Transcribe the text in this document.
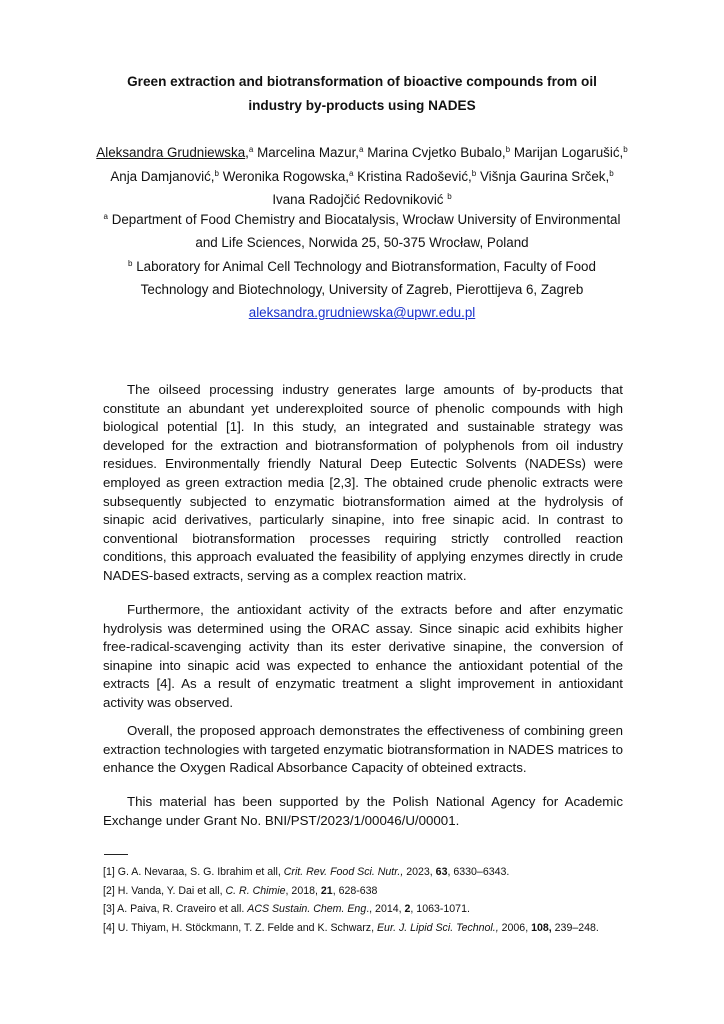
Green extraction and biotransformation of bioactive compounds from oil
industry by-products using NADES
Aleksandra Grudniewska,$^a$ Marcelina Mazur,$^a$ Marina Cvjetko Bubalo,$^b$ Marijan Logarušić,$^b$ Anja Damjanović,$^b$ Weronika Rogowska,$^a$ Kristina Radošević,$^b$ Višnja Gaurina Srček,$^b$ Ivana Radojčić Redovniković $^b$
$^a$ Department of Food Chemistry and Biocatalysis, Wrocław University of Environmental and Life Sciences, Norwida 25, 50-375 Wrocław, Poland
$^b$ Laboratory for Animal Cell Technology and Biotransformation, Faculty of Food Technology and Biotechnology, University of Zagreb, Pierottijeva 6, Zagreb
aleksandra.grudniewska@upwr.edu.pl

The oilseed processing industry generates large amounts of by-products that constitute an abundant yet underexploited source of phenolic compounds with high biological potential [1]. In this study, an integrated and sustainable strategy was developed for the extraction and biotransformation of polyphenols from oil industry residues. Environmentally friendly Natural Deep Eutectic Solvents (NADESs) were employed as green extraction media [2,3]. The obtained crude phenolic extracts were subsequently subjected to enzymatic biotransformation aimed at the hydrolysis of sinapic acid derivatives, particularly sinapine, into free sinapic acid. In contrast to conventional biotransformation processes requiring strictly controlled reaction conditions, this approach evaluated the feasibility of applying enzymes directly in crude NADES-based extracts, serving as a complex reaction matrix.

Furthermore, the antioxidant activity of the extracts before and after enzymatic hydrolysis was determined using the ORAC assay. Since sinapic acid exhibits higher free-radical-scavenging activity than its ester derivative sinapine, the conversion of sinapine into sinapic acid was expected to enhance the antioxidant potential of the extracts [4]. As a result of enzymatic treatment a slight improvement in antioxidant activity was observed.

Overall, the proposed approach demonstrates the effectiveness of combining green extraction technologies with targeted enzymatic biotransformation in NADES matrices to enhance the Oxygen Radical Absorbance Capacity of obteined extracts.

This material has been supported by the Polish National Agency for Academic Exchange under Grant No. BNI/PST/2023/1/00046/U/00001.

[1] G. A. Nevaraa, S. G. Ibrahim et all, Crit. Rev. Food Sci. Nutr., 2023, 63, 6330–6343.
[2] H. Vanda, Y. Dai et all, C. R. Chimie, 2018, 21, 628-638
[3] A. Paiva, R. Craveiro et all. ACS Sustain. Chem. Eng., 2014, 2, 1063-1071.
[4] U. Thiyam, H. Stöckmann, T. Z. Felde and K. Schwarz, Eur. J. Lipid Sci. Technol., 2006, 108, 239–248.
